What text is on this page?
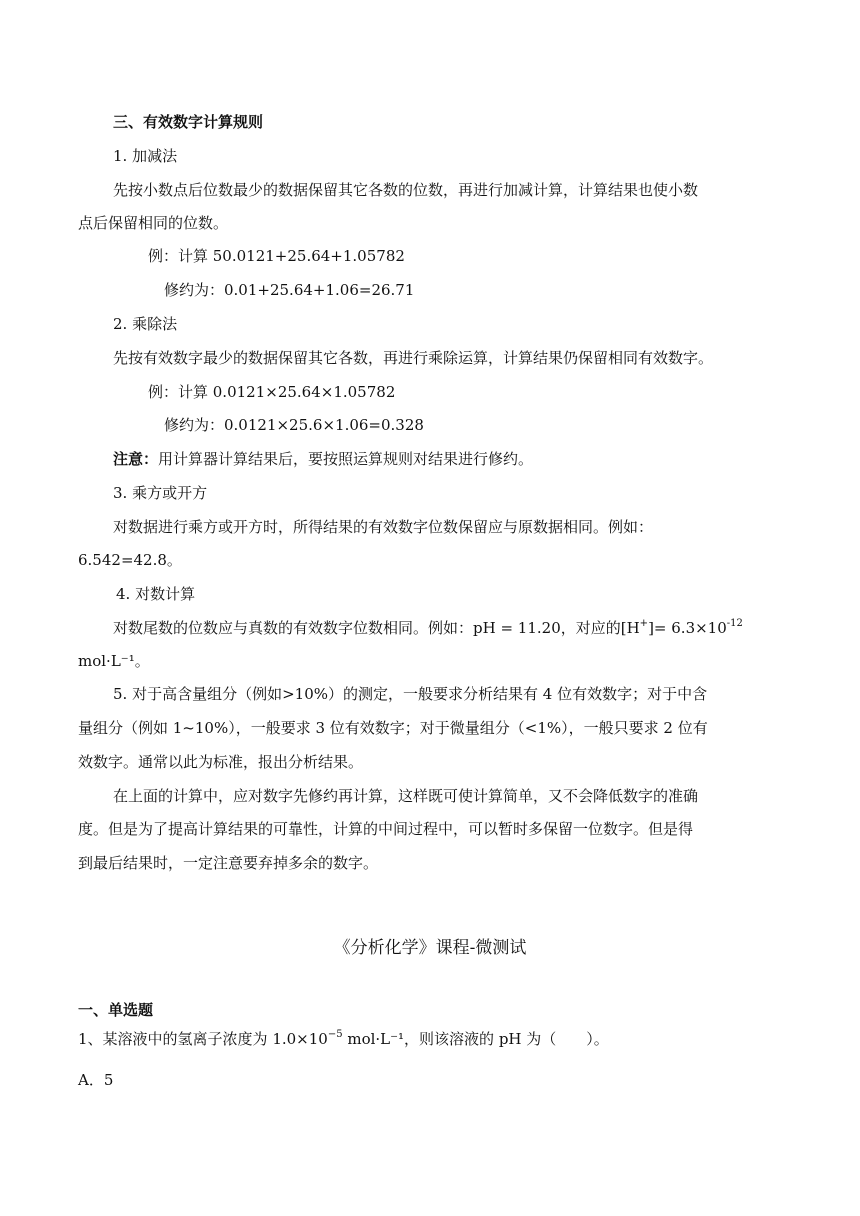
三、有效数字计算规则
1. 加减法
先按小数点后位数最少的数据保留其它各数的位数，再进行加减计算，计算结果也使小数
点后保留相同的位数。
例：计算 50.0121+25.64+1.05782
修约为：0.01+25.64+1.06=26.71
2. 乘除法
先按有效数字最少的数据保留其它各数，再进行乘除运算，计算结果仍保留相同有效数字。
例：计算 0.0121×25.64×1.05782
修约为：0.0121×25.6×1.06=0.328
注意：用计算器计算结果后，要按照运算规则对结果进行修约。
3. 乘方或开方
对数据进行乘方或开方时，所得结果的有效数字位数保留应与原数据相同。例如：
6.542=42.8。
4. 对数计算
对数尾数的位数应与真数的有效数字位数相同。例如：pH = 11.20，对应的$[H^+]= 6.3\times 10^{-12}$
mol·L⁻¹。
5. 对于高含量组分（例如>10%）的测定，一般要求分析结果有 4 位有效数字；对于中含
量组分（例如 1~10%），一般要求 3 位有效数字；对于微量组分（<1%），一般只要求 2 位有
效数字。通常以此为标准，报出分析结果。
在上面的计算中，应对数字先修约再计算，这样既可使计算简单，又不会降低数字的准确
度。但是为了提高计算结果的可靠性，计算的中间过程中，可以暂时多保留一位数字。但是得
到最后结果时，一定注意要弃掉多余的数字。
《分析化学》课程-微测试
一、单选题
1、某溶液中的氢离子浓度为 $1.0\times 10^{-5}$ mol·L⁻¹，则该溶液的 pH 为（　　）。
A．5
